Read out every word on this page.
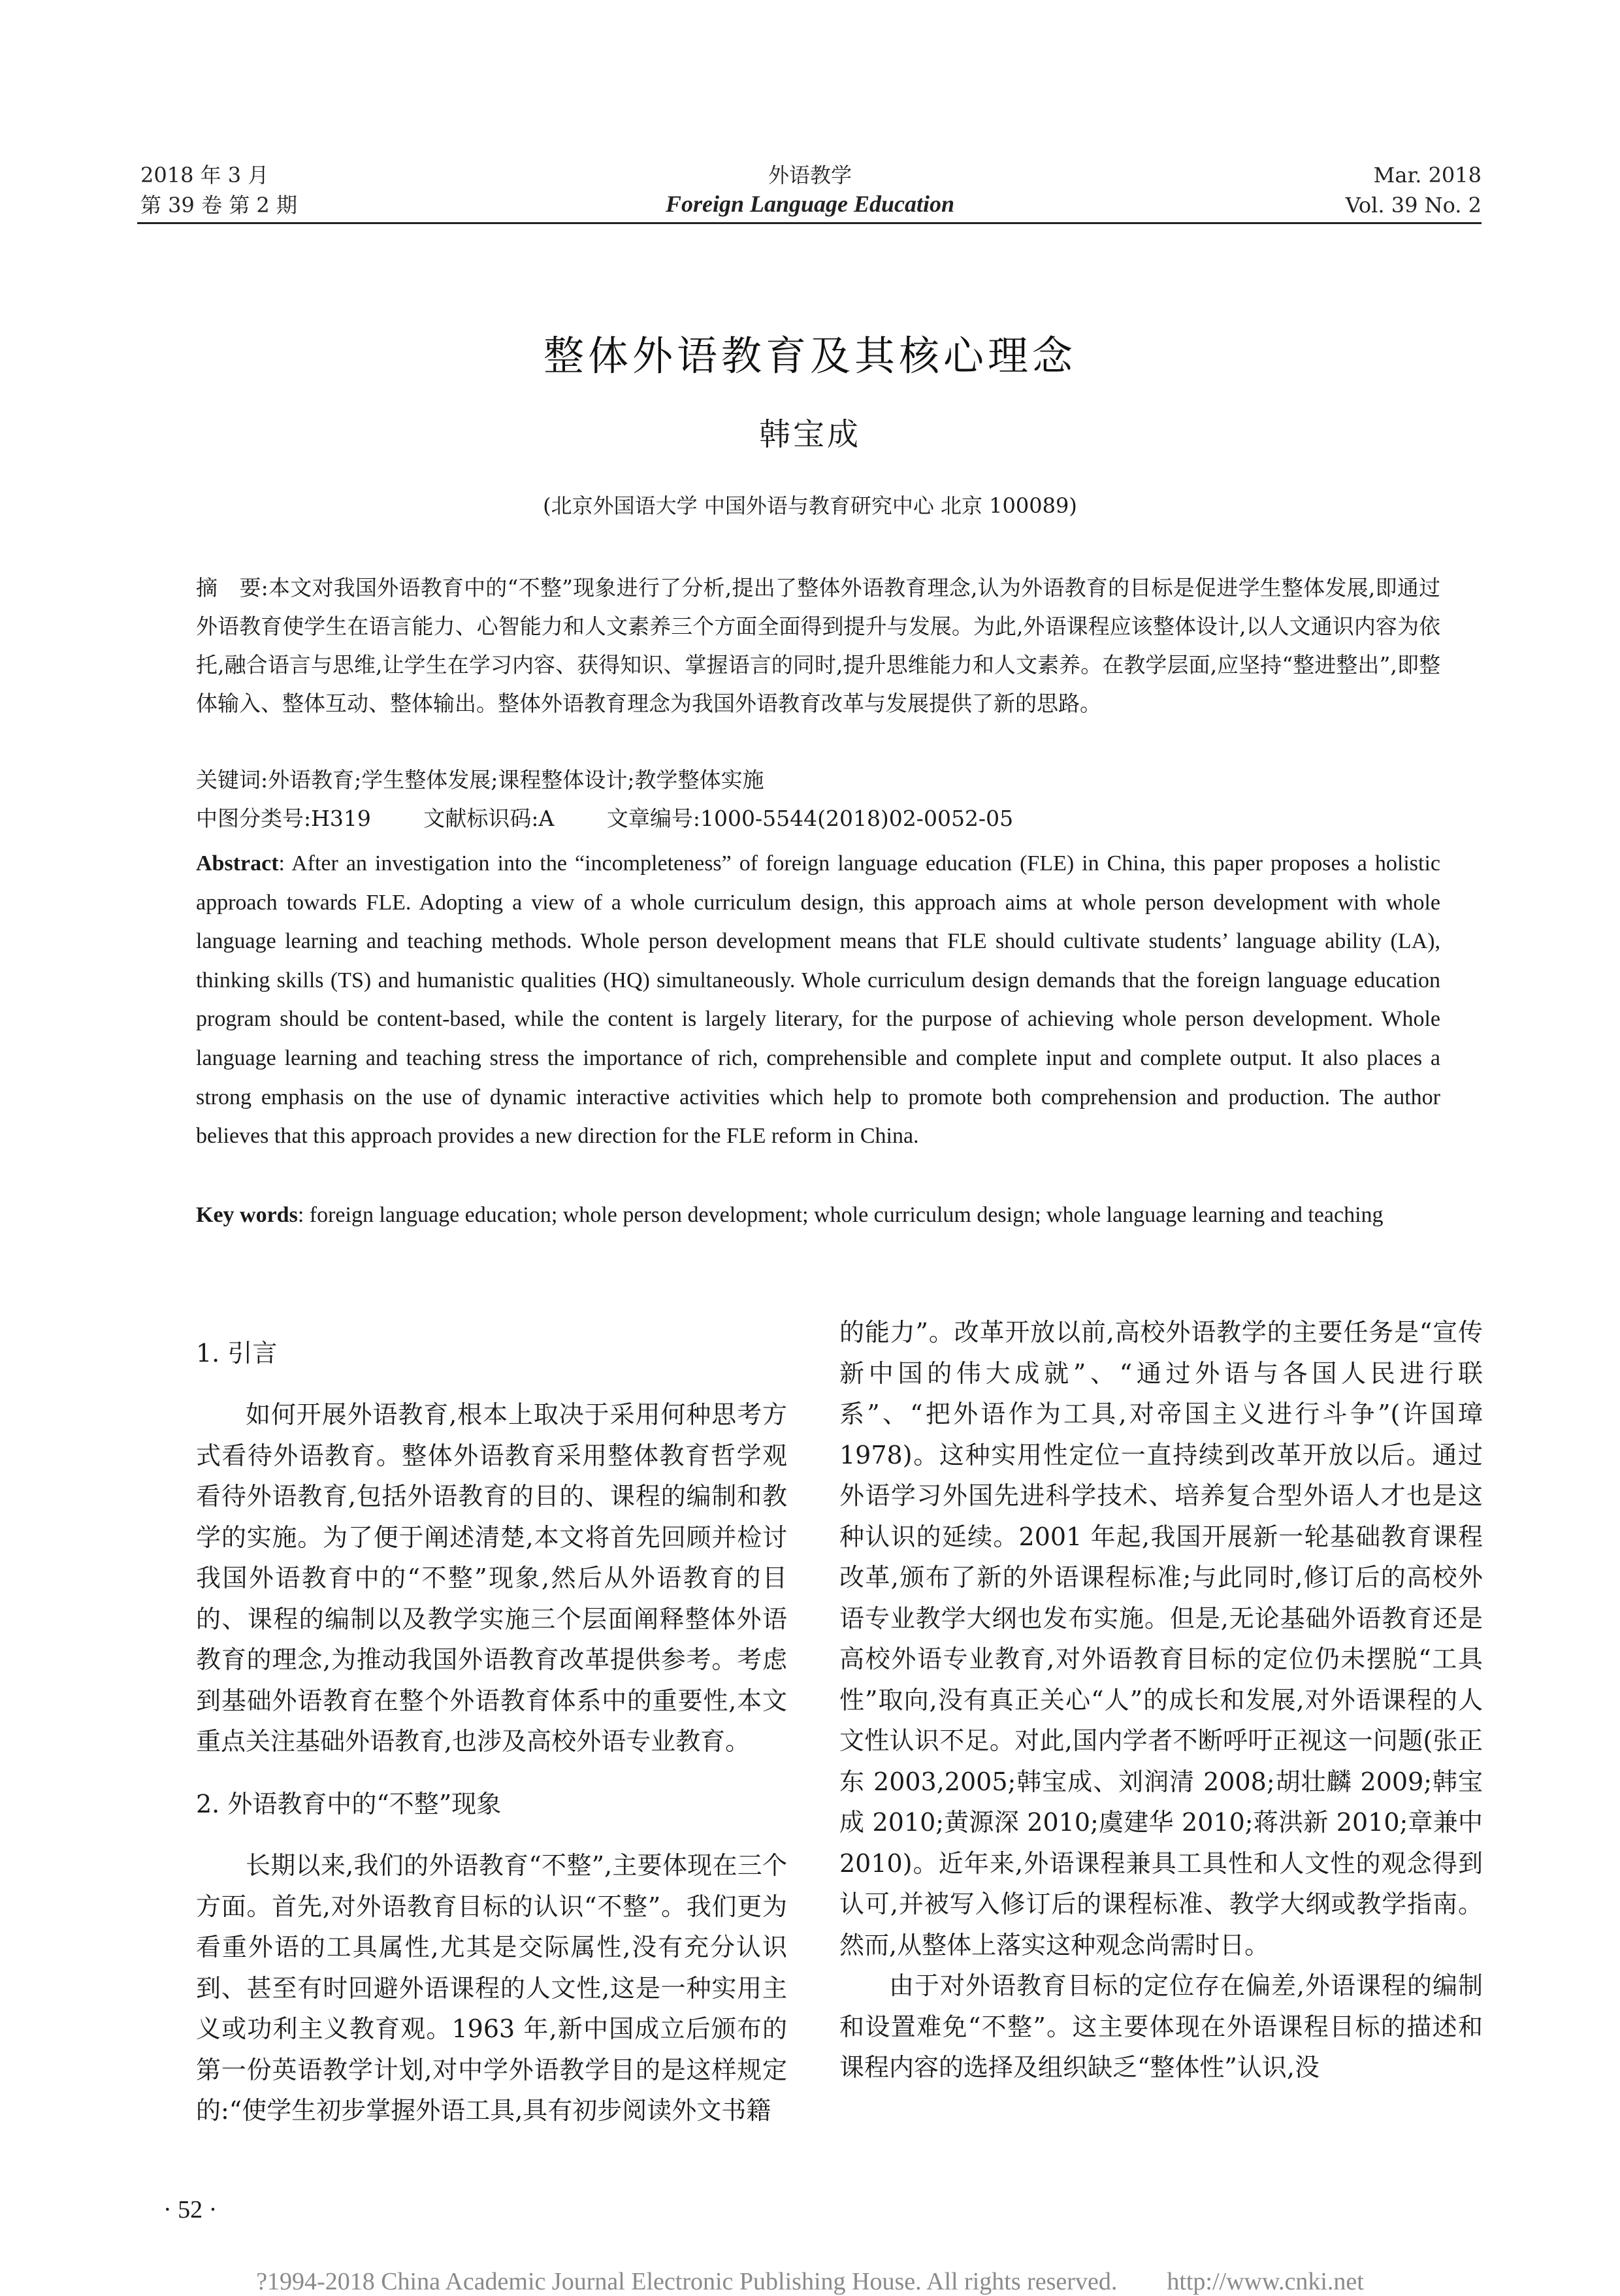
2018 年 3 月
第 39 卷 第 2 期
外语教学
Foreign Language Education
Mar. 2018
Vol. 39 No. 2
整体外语教育及其核心理念
韩宝成
(北京外国语大学 中国外语与教育研究中心 北京 100089)
摘　要:本文对我国外语教育中的“不整”现象进行了分析,提出了整体外语教育理念,认为外语教育的目标是促进学生整体发展,即通过外语教育使学生在语言能力、心智能力和人文素养三个方面全面得到提升与发展。为此,外语课程应该整体设计,以人文通识内容为依托,融合语言与思维,让学生在学习内容、获得知识、掌握语言的同时,提升思维能力和人文素养。在教学层面,应坚持“整进整出”,即整体输入、整体互动、整体输出。整体外语教育理念为我国外语教育改革与发展提供了新的思路。
关键词:外语教育;学生整体发展;课程整体设计;教学整体实施
中图分类号:H319 文献标识码:A 文章编号:1000-5544(2018)02-0052-05
Abstract: After an investigation into the “incompleteness” of foreign language education (FLE) in China, this paper proposes a holistic approach towards FLE. Adopting a view of a whole curriculum design, this approach aims at whole person development with whole language learning and teaching methods. Whole person development means that FLE should cultivate students’ language ability (LA), thinking skills (TS) and humanistic qualities (HQ) simultaneously. Whole curriculum design demands that the foreign language education program should be content-based, while the content is largely literary, for the purpose of achieving whole person development. Whole language learning and teaching stress the importance of rich, comprehensible and complete input and complete output. It also places a strong emphasis on the use of dynamic interactive activities which help to promote both comprehension and production. The author believes that this approach provides a new direction for the FLE reform in China.
Key words: foreign language education; whole person development; whole curriculum design; whole language learning and teaching
1. 引言

如何开展外语教育,根本上取决于采用何种思考方式看待外语教育。整体外语教育采用整体教育哲学观看待外语教育,包括外语教育的目的、课程的编制和教学的实施。为了便于阐述清楚,本文将首先回顾并检讨我国外语教育中的“不整”现象,然后从外语教育的目的、课程的编制以及教学实施三个层面阐释整体外语教育的理念,为推动我国外语教育改革提供参考。考虑到基础外语教育在整个外语教育体系中的重要性,本文重点关注基础外语教育,也涉及高校外语专业教育。

2. 外语教育中的“不整”现象

长期以来,我们的外语教育“不整”,主要体现在三个方面。首先,对外语教育目标的认识“不整”。我们更为看重外语的工具属性,尤其是交际属性,没有充分认识到、甚至有时回避外语课程的人文性,这是一种实用主义或功利主义教育观。1963 年,新中国成立后颁布的第一份英语教学计划,对中学外语教学目的是这样规定的:“使学生初步掌握外语工具,具有初步阅读外文书籍

的能力”。改革开放以前,高校外语教学的主要任务是“宣传新中国的伟大成就”、“通过外语与各国人民进行联系”、“把外语作为工具,对帝国主义进行斗争”(许国璋 1978)。这种实用性定位一直持续到改革开放以后。通过外语学习外国先进科学技术、培养复合型外语人才也是这种认识的延续。2001 年起,我国开展新一轮基础教育课程改革,颁布了新的外语课程标准;与此同时,修订后的高校外语专业教学大纲也发布实施。但是,无论基础外语教育还是高校外语专业教育,对外语教育目标的定位仍未摆脱“工具性”取向,没有真正关心“人”的成长和发展,对外语课程的人文性认识不足。对此,国内学者不断呼吁正视这一问题(张正东 2003,2005;韩宝成、刘润清 2008;胡壮麟 2009;韩宝成 2010;黄源深 2010;虞建华 2010;蒋洪新 2010;章兼中 2010)。近年来,外语课程兼具工具性和人文性的观念得到认可,并被写入修订后的课程标准、教学大纲或教学指南。然而,从整体上落实这种观念尚需时日。

由于对外语教育目标的定位存在偏差,外语课程的编制和设置难免“不整”。这主要体现在外语课程目标的描述和课程内容的选择及组织缺乏“整体性”认识,没

· 52 ·
?1994-2018 China Academic Journal Electronic Publishing House. All rights reserved.　　http://www.cnki.net
